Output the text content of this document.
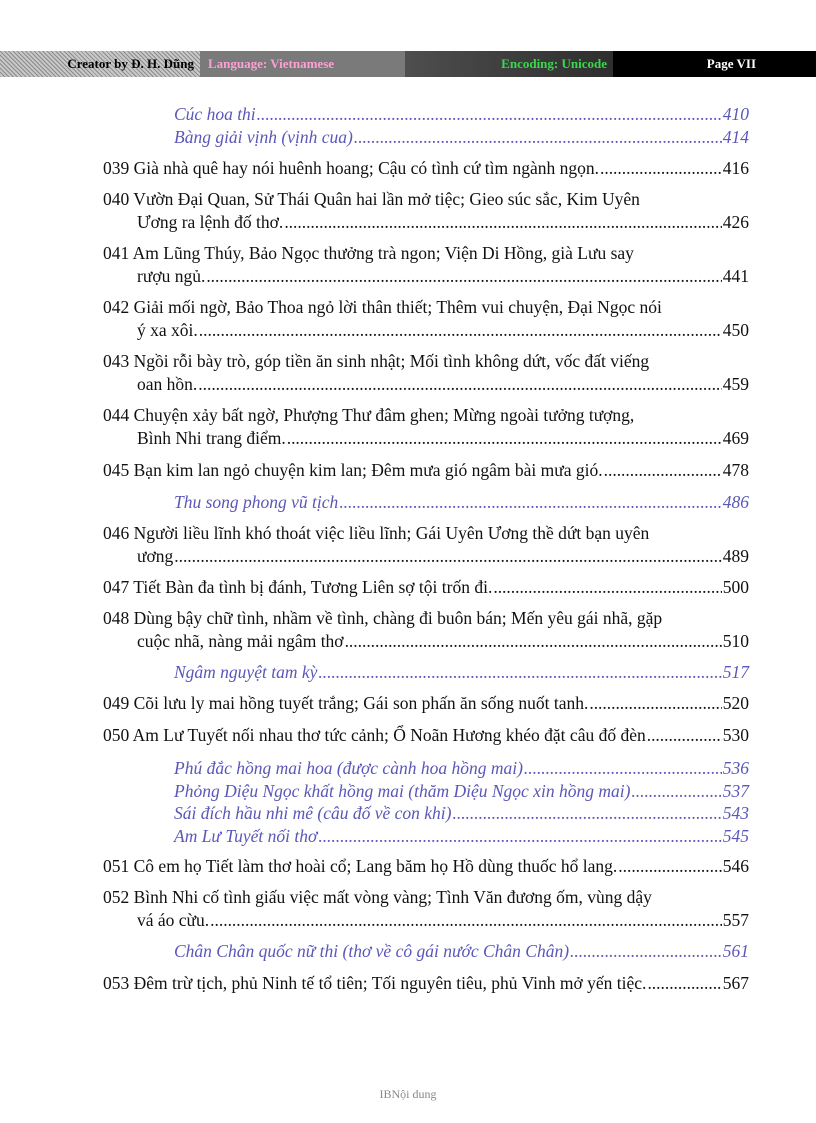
Creator by Đ. H. Dũng	Language: Vietnamese	Encoding: Unicode	Page VII
Cúc hoa thi . . .	410
Bàng giải vịnh (vịnh cua) . . .	414
039 Già nhà quê hay nói huênh hoang; Cậu có tình cứ tìm ngành ngọn. . . .	416
040 Vườn Đại Quan, Sử Thái Quân hai lần mở tiệc; Gieo súc sắc, Kim Uyên
Ương ra lệnh đố thơ. . . .	426
041 Am Lũng Thúy, Bảo Ngọc thưởng trà ngon; Viện Di Hồng, già Lưu say
rượu ngủ. . . .	441
042 Giải mối ngờ, Bảo Thoa ngỏ lời thân thiết; Thêm vui chuyện, Đại Ngọc nói
ý xa xôi. . . .	450
043 Ngồi rỗi bày trò, góp tiền ăn sinh nhật; Mối tình không dứt, vốc đất viếng
oan hồn. . . .	459
044 Chuyện xảy bất ngờ, Phượng Thư đâm ghen; Mừng ngoài tưởng tượng,
Bình Nhi trang điểm. . . .	469
045 Bạn kim lan ngỏ chuyện kim lan; Đêm mưa gió ngâm bài mưa gió. . . .	478
Thu song phong vũ tịch . . .	486
046 Người liều lĩnh khó thoát việc liều lĩnh; Gái Uyên Ương thề dứt bạn uyên
ương . . .	489
047 Tiết Bàn đa tình bị đánh, Tương Liên sợ tội trốn đi. . . .	500
048 Dùng bậy chữ tình, nhầm về tình, chàng đi buôn bán; Mến yêu gái nhã, gặp
cuộc nhã, nàng mải ngâm thơ . . .	510
Ngâm nguyệt tam kỳ . . .	517
049 Cõi lưu ly mai hồng tuyết trắng; Gái son phấn ăn sống nuốt tanh. . . .	520
050 Am Lư Tuyết nối nhau thơ tức cảnh; Ổ Noãn Hương khéo đặt câu đố đèn . . .	530
Phú đắc hồng mai hoa (được cành hoa hồng mai) . . .	536
Phỏng Diệu Ngọc khất hồng mai (thăm Diệu Ngọc xin hồng mai) . . .	537
Sái đích hầu nhi mê (câu đố về con khỉ) . . .	543
Am Lư Tuyết nối thơ . . .	545
051 Cô em họ Tiết làm thơ hoài cổ; Lang băm họ Hồ dùng thuốc hổ lang. . . .	546
052 Bình Nhi cố tình giấu việc mất vòng vàng; Tình Văn đương ốm, vùng dậy
vá áo cừu. . . .	557
Chân Chân quốc nữ thi (thơ về cô gái nước Chân Chân) . . .	561
053 Đêm trừ tịch, phủ Ninh tế tổ tiên; Tối nguyên tiêu, phủ Vinh mở yến tiệc. . . .	567
IBNội dung
